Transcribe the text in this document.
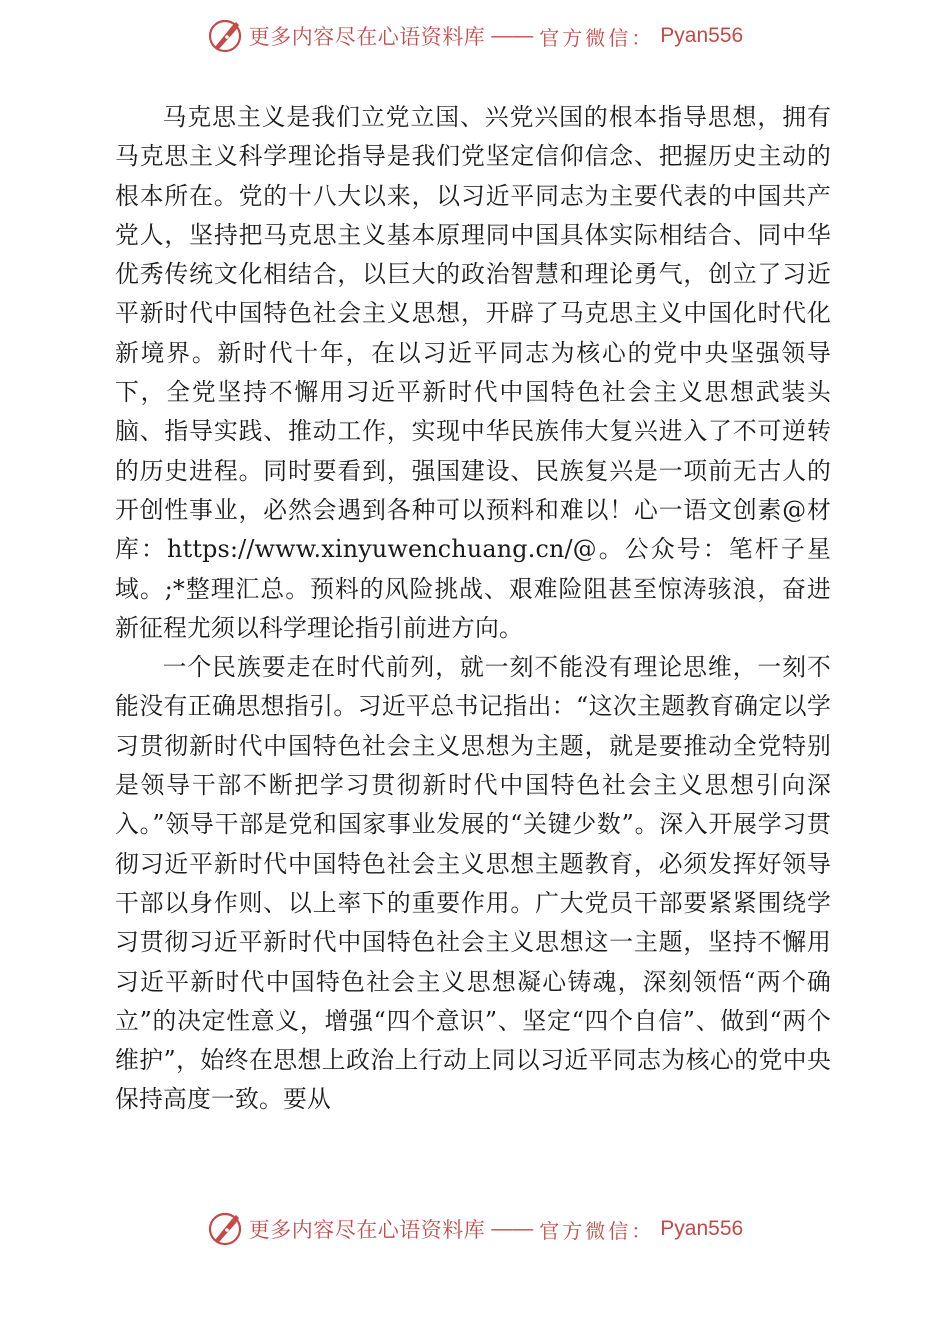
更多内容尽在心语资料库 —— 官方微信： Pyan556

马克思主义是我们立党立国、兴党兴国的根本指导思想，拥有马克思主义科学理论指导是我们党坚定信仰信念、把握历史主动的根本所在。党的十八大以来，以习近平同志为主要代表的中国共产党人，坚持把马克思主义基本原理同中国具体实际相结合、同中华优秀传统文化相结合，以巨大的政治智慧和理论勇气，创立了习近平新时代中国特色社会主义思想，开辟了马克思主义中国化时代化新境界。新时代十年，在以习近平同志为核心的党中央坚强领导下，全党坚持不懈用习近平新时代中国特色社会主义思想武装头脑、指导实践、推动工作，实现中华民族伟大复兴进入了不可逆转的历史进程。同时要看到，强国建设、民族复兴是一项前无古人的开创性事业，必然会遇到各种可以预料和难以！心一语文创素@材库：https://www.xinyuwenchuang.cn/@。公众号：笔杆子星域。;*整理汇总。预料的风险挑战、艰难险阻甚至惊涛骇浪，奋进新征程尤须以科学理论指引前进方向。

一个民族要走在时代前列，就一刻不能没有理论思维，一刻不能没有正确思想指引。习近平总书记指出：“这次主题教育确定以学习贯彻新时代中国特色社会主义思想为主题，就是要推动全党特别是领导干部不断把学习贯彻新时代中国特色社会主义思想引向深入。”领导干部是党和国家事业发展的“关键少数”。深入开展学习贯彻习近平新时代中国特色社会主义思想主题教育，必须发挥好领导干部以身作则、以上率下的重要作用。广大党员干部要紧紧围绕学习贯彻习近平新时代中国特色社会主义思想这一主题，坚持不懈用习近平新时代中国特色社会主义思想凝心铸魂，深刻领悟“两个确立”的决定性意义，增强“四个意识”、坚定“四个自信”、做到“两个维护”，始终在思想上政治上行动上同以习近平同志为核心的党中央保持高度一致。要从

更多内容尽在心语资料库 —— 官方微信： Pyan556
